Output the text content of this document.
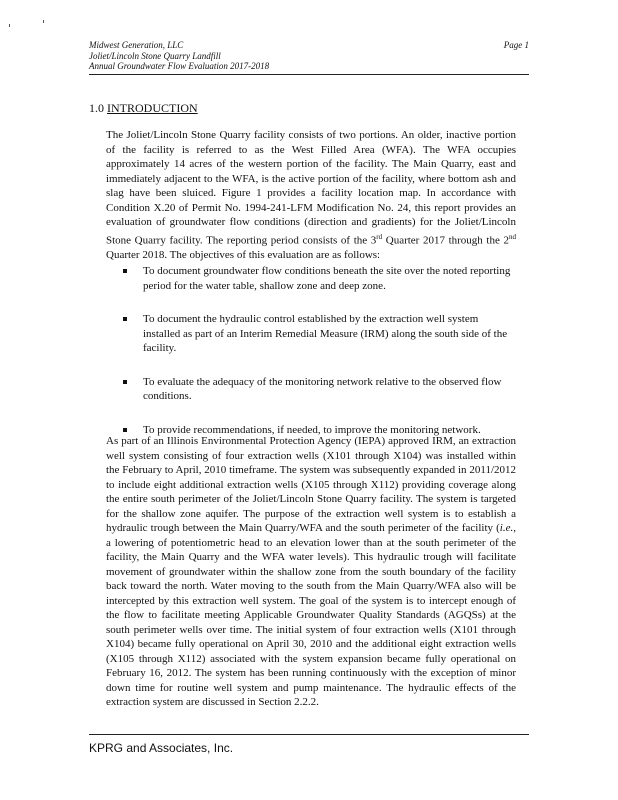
Midwest Generation, LLC
Joliet/Lincoln Stone Quarry Landfill
Annual Groundwater Flow Evaluation 2017-2018
Page 1
1.0 INTRODUCTION
The Joliet/Lincoln Stone Quarry facility consists of two portions. An older, inactive portion of the facility is referred to as the West Filled Area (WFA). The WFA occupies approximately 14 acres of the western portion of the facility. The Main Quarry, east and immediately adjacent to the WFA, is the active portion of the facility, where bottom ash and slag have been sluiced. Figure 1 provides a facility location map. In accordance with Condition X.20 of Permit No. 1994-241-LFM Modification No. 24, this report provides an evaluation of groundwater flow conditions (direction and gradients) for the Joliet/Lincoln Stone Quarry facility. The reporting period consists of the 3rd Quarter 2017 through the 2nd Quarter 2018. The objectives of this evaluation are as follows:
To document groundwater flow conditions beneath the site over the noted reporting period for the water table, shallow zone and deep zone.
To document the hydraulic control established by the extraction well system installed as part of an Interim Remedial Measure (IRM) along the south side of the facility.
To evaluate the adequacy of the monitoring network relative to the observed flow conditions.
To provide recommendations, if needed, to improve the monitoring network.
As part of an Illinois Environmental Protection Agency (IEPA) approved IRM, an extraction well system consisting of four extraction wells (X101 through X104) was installed within the February to April, 2010 timeframe. The system was subsequently expanded in 2011/2012 to include eight additional extraction wells (X105 through X112) providing coverage along the entire south perimeter of the Joliet/Lincoln Stone Quarry facility. The system is targeted for the shallow zone aquifer. The purpose of the extraction well system is to establish a hydraulic trough between the Main Quarry/WFA and the south perimeter of the facility (i.e., a lowering of potentiometric head to an elevation lower than at the south perimeter of the facility, the Main Quarry and the WFA water levels). This hydraulic trough will facilitate movement of groundwater within the shallow zone from the south boundary of the facility back toward the north. Water moving to the south from the Main Quarry/WFA also will be intercepted by this extraction well system. The goal of the system is to intercept enough of the flow to facilitate meeting Applicable Groundwater Quality Standards (AGQSs) at the south perimeter wells over time. The initial system of four extraction wells (X101 through X104) became fully operational on April 30, 2010 and the additional eight extraction wells (X105 through X112) associated with the system expansion became fully operational on February 16, 2012. The system has been running continuously with the exception of minor down time for routine well system and pump maintenance. The hydraulic effects of the extraction system are discussed in Section 2.2.2.
KPRG and Associates, Inc.
